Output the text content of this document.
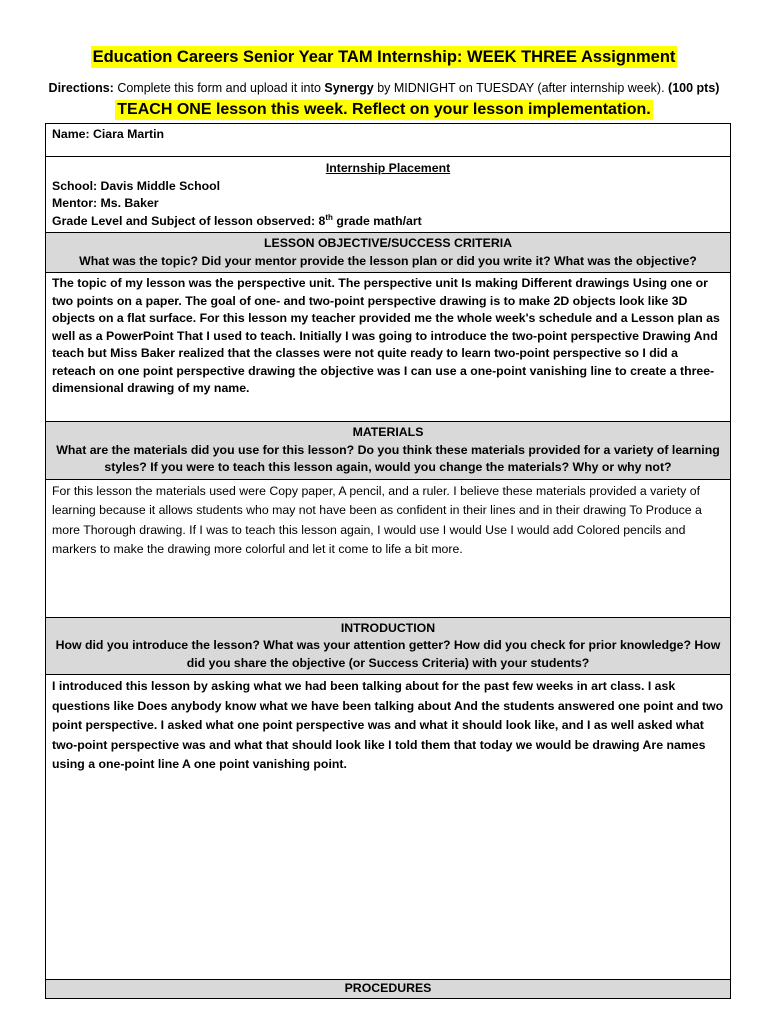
Education Careers Senior Year TAM Internship: WEEK THREE Assignment
Directions: Complete this form and upload it into Synergy by MIDNIGHT on TUESDAY (after internship week). (100 pts)
TEACH ONE lesson this week. Reflect on your lesson implementation.
Name: Ciara Martin

Internship Placement
School: Davis Middle School
Mentor: Ms. Baker
Grade Level and Subject of lesson observed: 8th grade math/art

LESSON OBJECTIVE/SUCCESS CRITERIA
What was the topic? Did your mentor provide the lesson plan or did you write it? What was the objective?

The topic of my lesson was the perspective unit. The perspective unit Is making Different drawings Using one or two points on a paper. The goal of one- and two-point perspective drawing is to make 2D objects look like 3D objects on a flat surface. For this lesson my teacher provided me the whole week's schedule and a Lesson plan as well as a PowerPoint That I used to teach. Initially I was going to introduce the two-point perspective Drawing And teach but Miss Baker realized that the classes were not quite ready to learn two-point perspective so I did a reteach on one point perspective drawing the objective was I can use a one-point vanishing line to create a three-dimensional drawing of my name.

MATERIALS
What are the materials did you use for this lesson? Do you think these materials provided for a variety of learning styles? If you were to teach this lesson again, would you change the materials? Why or why not?

For this lesson the materials used were Copy paper, A pencil, and a ruler. I believe these materials provided a variety of learning because it allows students who may not have been as confident in their lines and in their drawing To Produce a more Thorough drawing. If I was to teach this lesson again, I would use I would Use I would add Colored pencils and markers to make the drawing more colorful and let it come to life a bit more.

INTRODUCTION
How did you introduce the lesson? What was your attention getter? How did you check for prior knowledge? How did you share the objective (or Success Criteria) with your students?

I introduced this lesson by asking what we had been talking about for the past few weeks in art class. I ask questions like Does anybody know what we have been talking about And the students answered one point and two point perspective. I asked what one point perspective was and what it should look like, and I as well asked what two-point perspective was and what that should look like I told them that today we would be drawing Are names using a one-point line A one point vanishing point.
PROCEDURES
